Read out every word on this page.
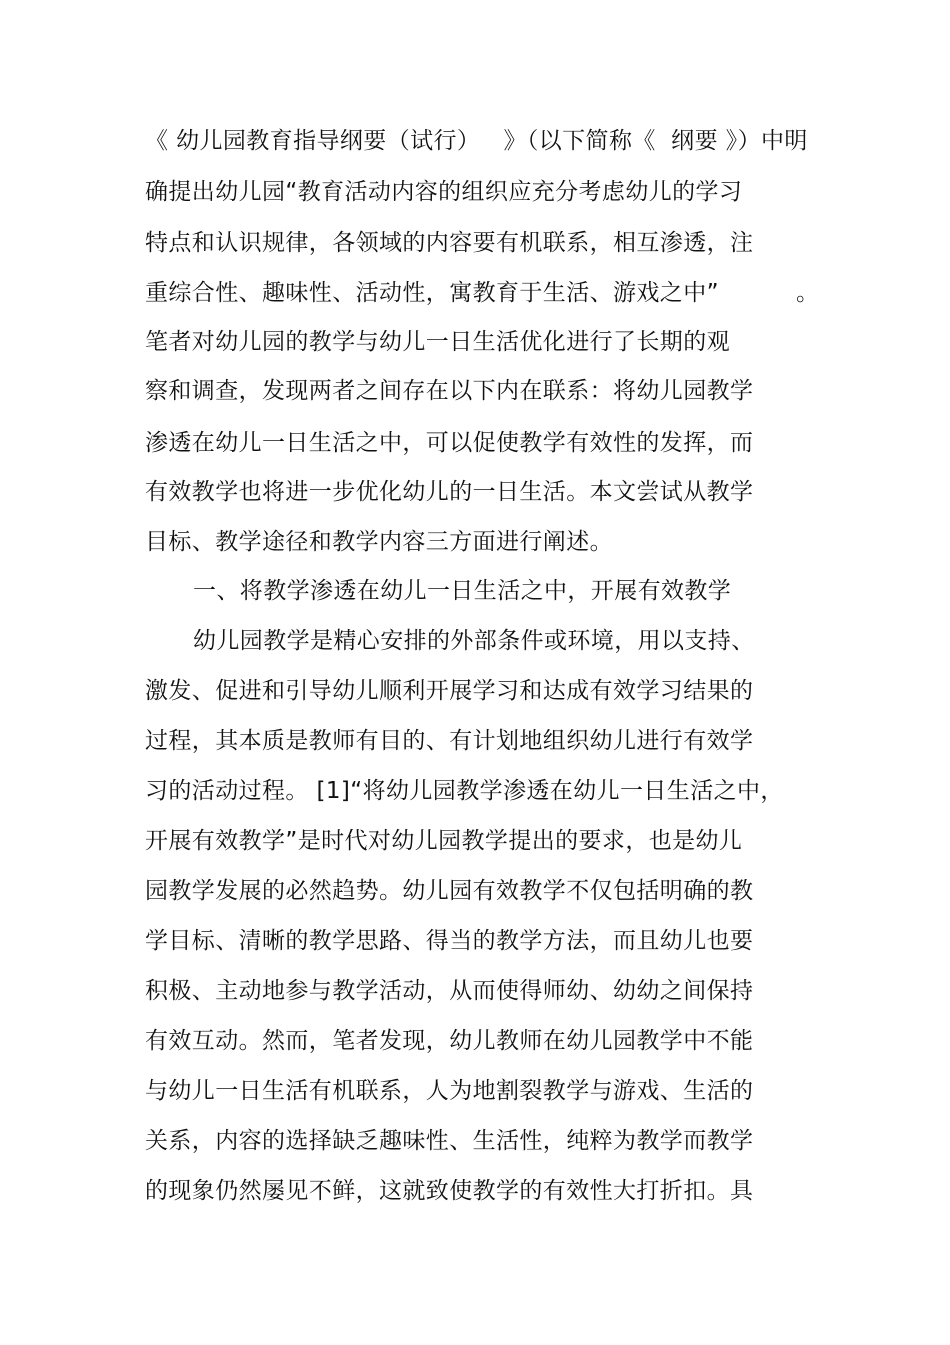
《 幼儿园教育指导纲要（试行）   》（以下简称《  纲要 》）中明
确提出幼儿园“教育活动内容的组织应充分考虑幼儿的学习
特点和认识规律，各领域的内容要有机联系，相互渗透，注
重综合性、趣味性、活动性，寓教育于生活、游戏之中”          。
笔者对幼儿园的教学与幼儿一日生活优化进行了长期的观
察和调查，发现两者之间存在以下内在联系：将幼儿园教学
渗透在幼儿一日生活之中，可以促使教学有效性的发挥，而
有效教学也将进一步优化幼儿的一日生活。本文尝试从教学
目标、教学途径和教学内容三方面进行阐述。
一、将教学渗透在幼儿一日生活之中，开展有效教学
幼儿园教学是精心安排的外部条件或环境，用以支持、
激发、促进和引导幼儿顺利开展学习和达成有效学习结果的
过程，其本质是教师有目的、有计划地组织幼儿进行有效学
习的活动过程。 [1]“将幼儿园教学渗透在幼儿一日生活之中，
开展有效教学”是时代对幼儿园教学提出的要求，也是幼儿
园教学发展的必然趋势。幼儿园有效教学不仅包括明确的教
学目标、清晰的教学思路、得当的教学方法，而且幼儿也要
积极、主动地参与教学活动，从而使得师幼、幼幼之间保持
有效互动。然而，笔者发现，幼儿教师在幼儿园教学中不能
与幼儿一日生活有机联系，人为地割裂教学与游戏、生活的
关系，内容的选择缺乏趣味性、生活性，纯粹为教学而教学
的现象仍然屡见不鲜，这就致使教学的有效性大打折扣。具
